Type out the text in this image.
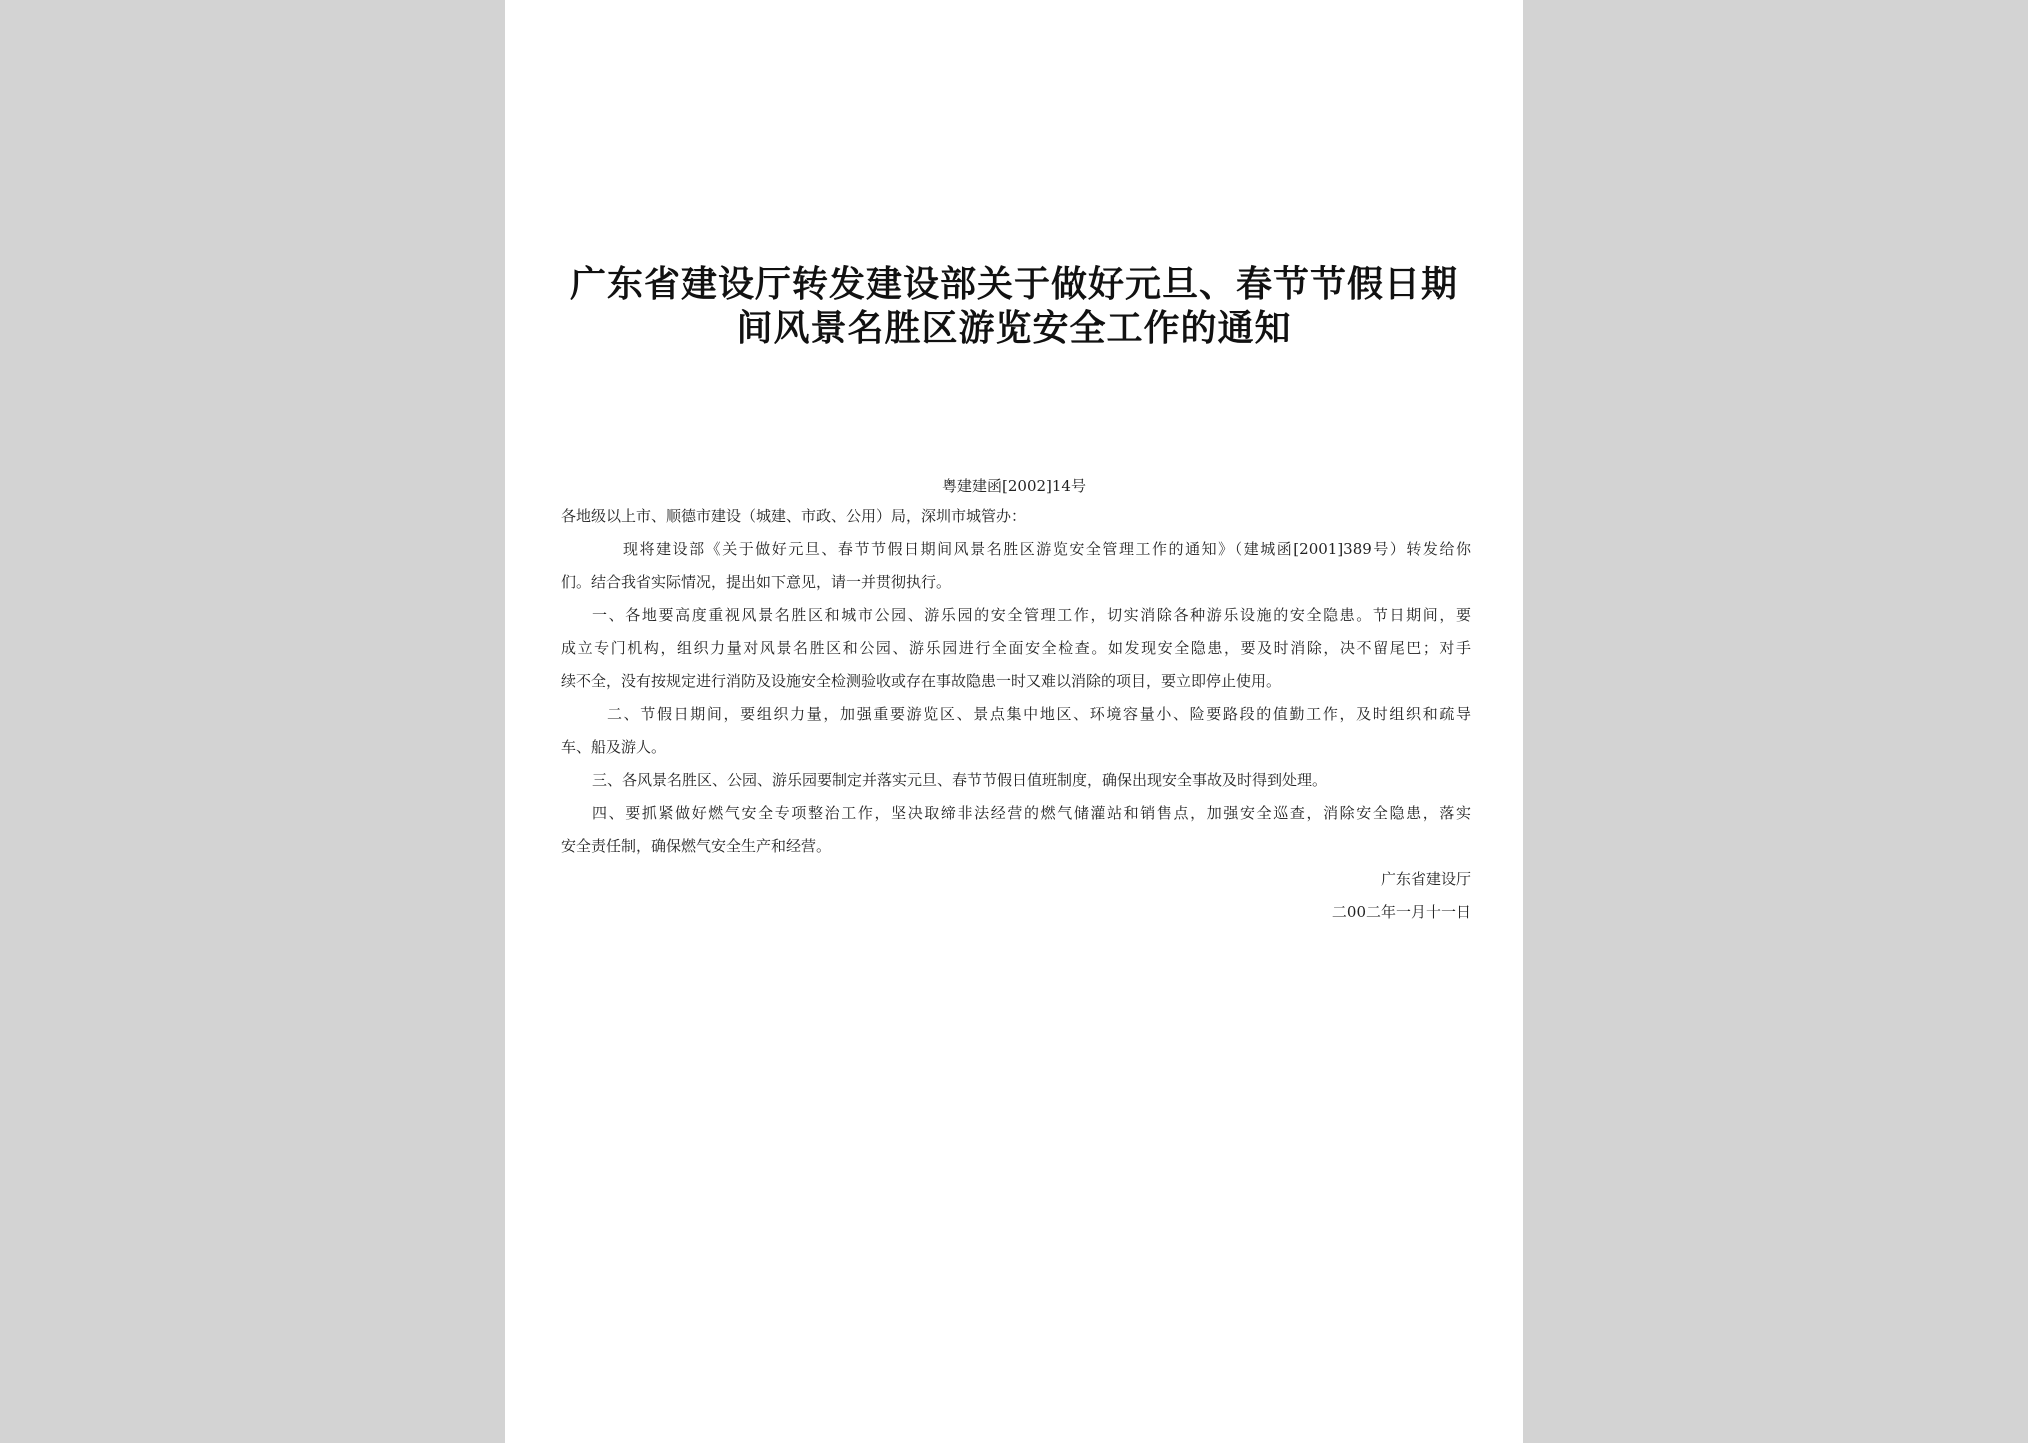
广东省建设厅转发建设部关于做好元旦、春节节假日期
间风景名胜区游览安全工作的通知
粤建建函[2002]14号
各地级以上市、顺德市建设（城建、市政、公用）局，深圳市城管办：
现将建设部《关于做好元旦、春节节假日期间风景名胜区游览安全管理工作的通知》（建城函[2001]389号）转发给你
们。结合我省实际情况，提出如下意见，请一并贯彻执行。
一、各地要高度重视风景名胜区和城市公园、游乐园的安全管理工作，切实消除各种游乐设施的安全隐患。节日期间，要
成立专门机构，组织力量对风景名胜区和公园、游乐园进行全面安全检查。如发现安全隐患，要及时消除，决不留尾巴；对手
续不全，没有按规定进行消防及设施安全检测验收或存在事故隐患一时又难以消除的项目，要立即停止使用。
二、节假日期间，要组织力量，加强重要游览区、景点集中地区、环境容量小、险要路段的值勤工作，及时组织和疏导
车、船及游人。
三、各风景名胜区、公园、游乐园要制定并落实元旦、春节节假日值班制度，确保出现安全事故及时得到处理。
四、要抓紧做好燃气安全专项整治工作，坚决取缔非法经营的燃气储灌站和销售点，加强安全巡查，消除安全隐患，落实
安全责任制，确保燃气安全生产和经营。
广东省建设厅
二00二年一月十一日
